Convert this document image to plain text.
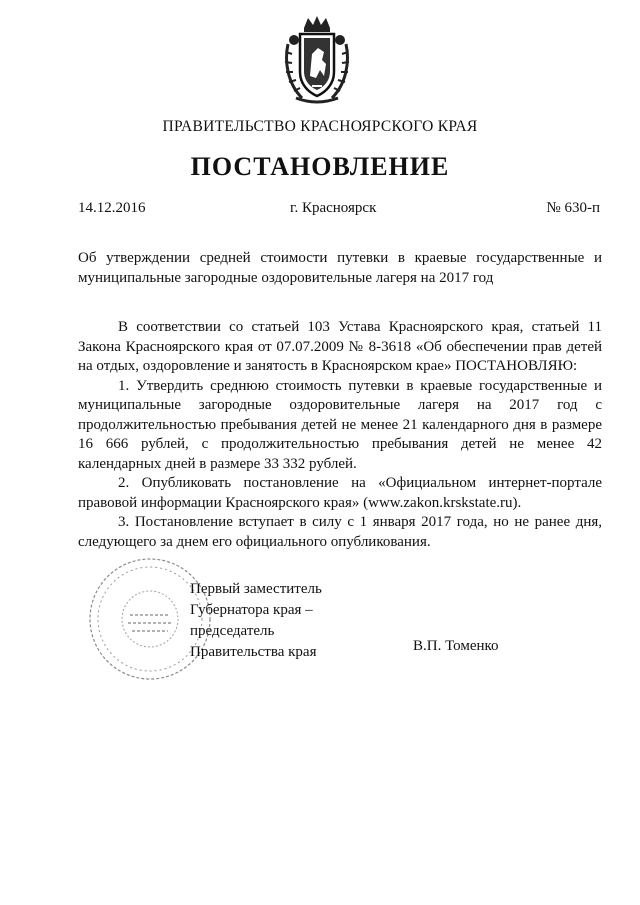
ПРАВИТЕЛЬСТВО КРАСНОЯРСКОГО КРАЯ
ПОСТАНОВЛЕНИЕ
14.12.2016	г. Красноярск	№ 630-п
Об утверждении средней стоимости путевки в краевые государственные и муниципальные загородные оздоровительные лагеря на 2017 год

В соответствии со статьей 103 Устава Красноярского края, статьей 11 Закона Красноярского края от 07.07.2009 № 8-3618 «Об обеспечении прав детей на отдых, оздоровление и занятость в Красноярском крае» ПОСТАНОВЛЯЮ:

1. Утвердить среднюю стоимость путевки в краевые государственные и муниципальные загородные оздоровительные лагеря на 2017 год с продолжительностью пребывания детей не менее 21 календарного дня в размере 16 666 рублей, с продолжительностью пребывания детей не менее 42 календарных дней в размере 33 332 рублей.

2. Опубликовать постановление на «Официальном интернет-портале правовой информации Красноярского края» (www.zakon.krskstate.ru).

3. Постановление вступает в силу с 1 января 2017 года, но не ранее дня, следующего за днем его официального опубликования.

Первый заместитель
Губернатора края –
председатель
Правительства края	В.П. Томенко
